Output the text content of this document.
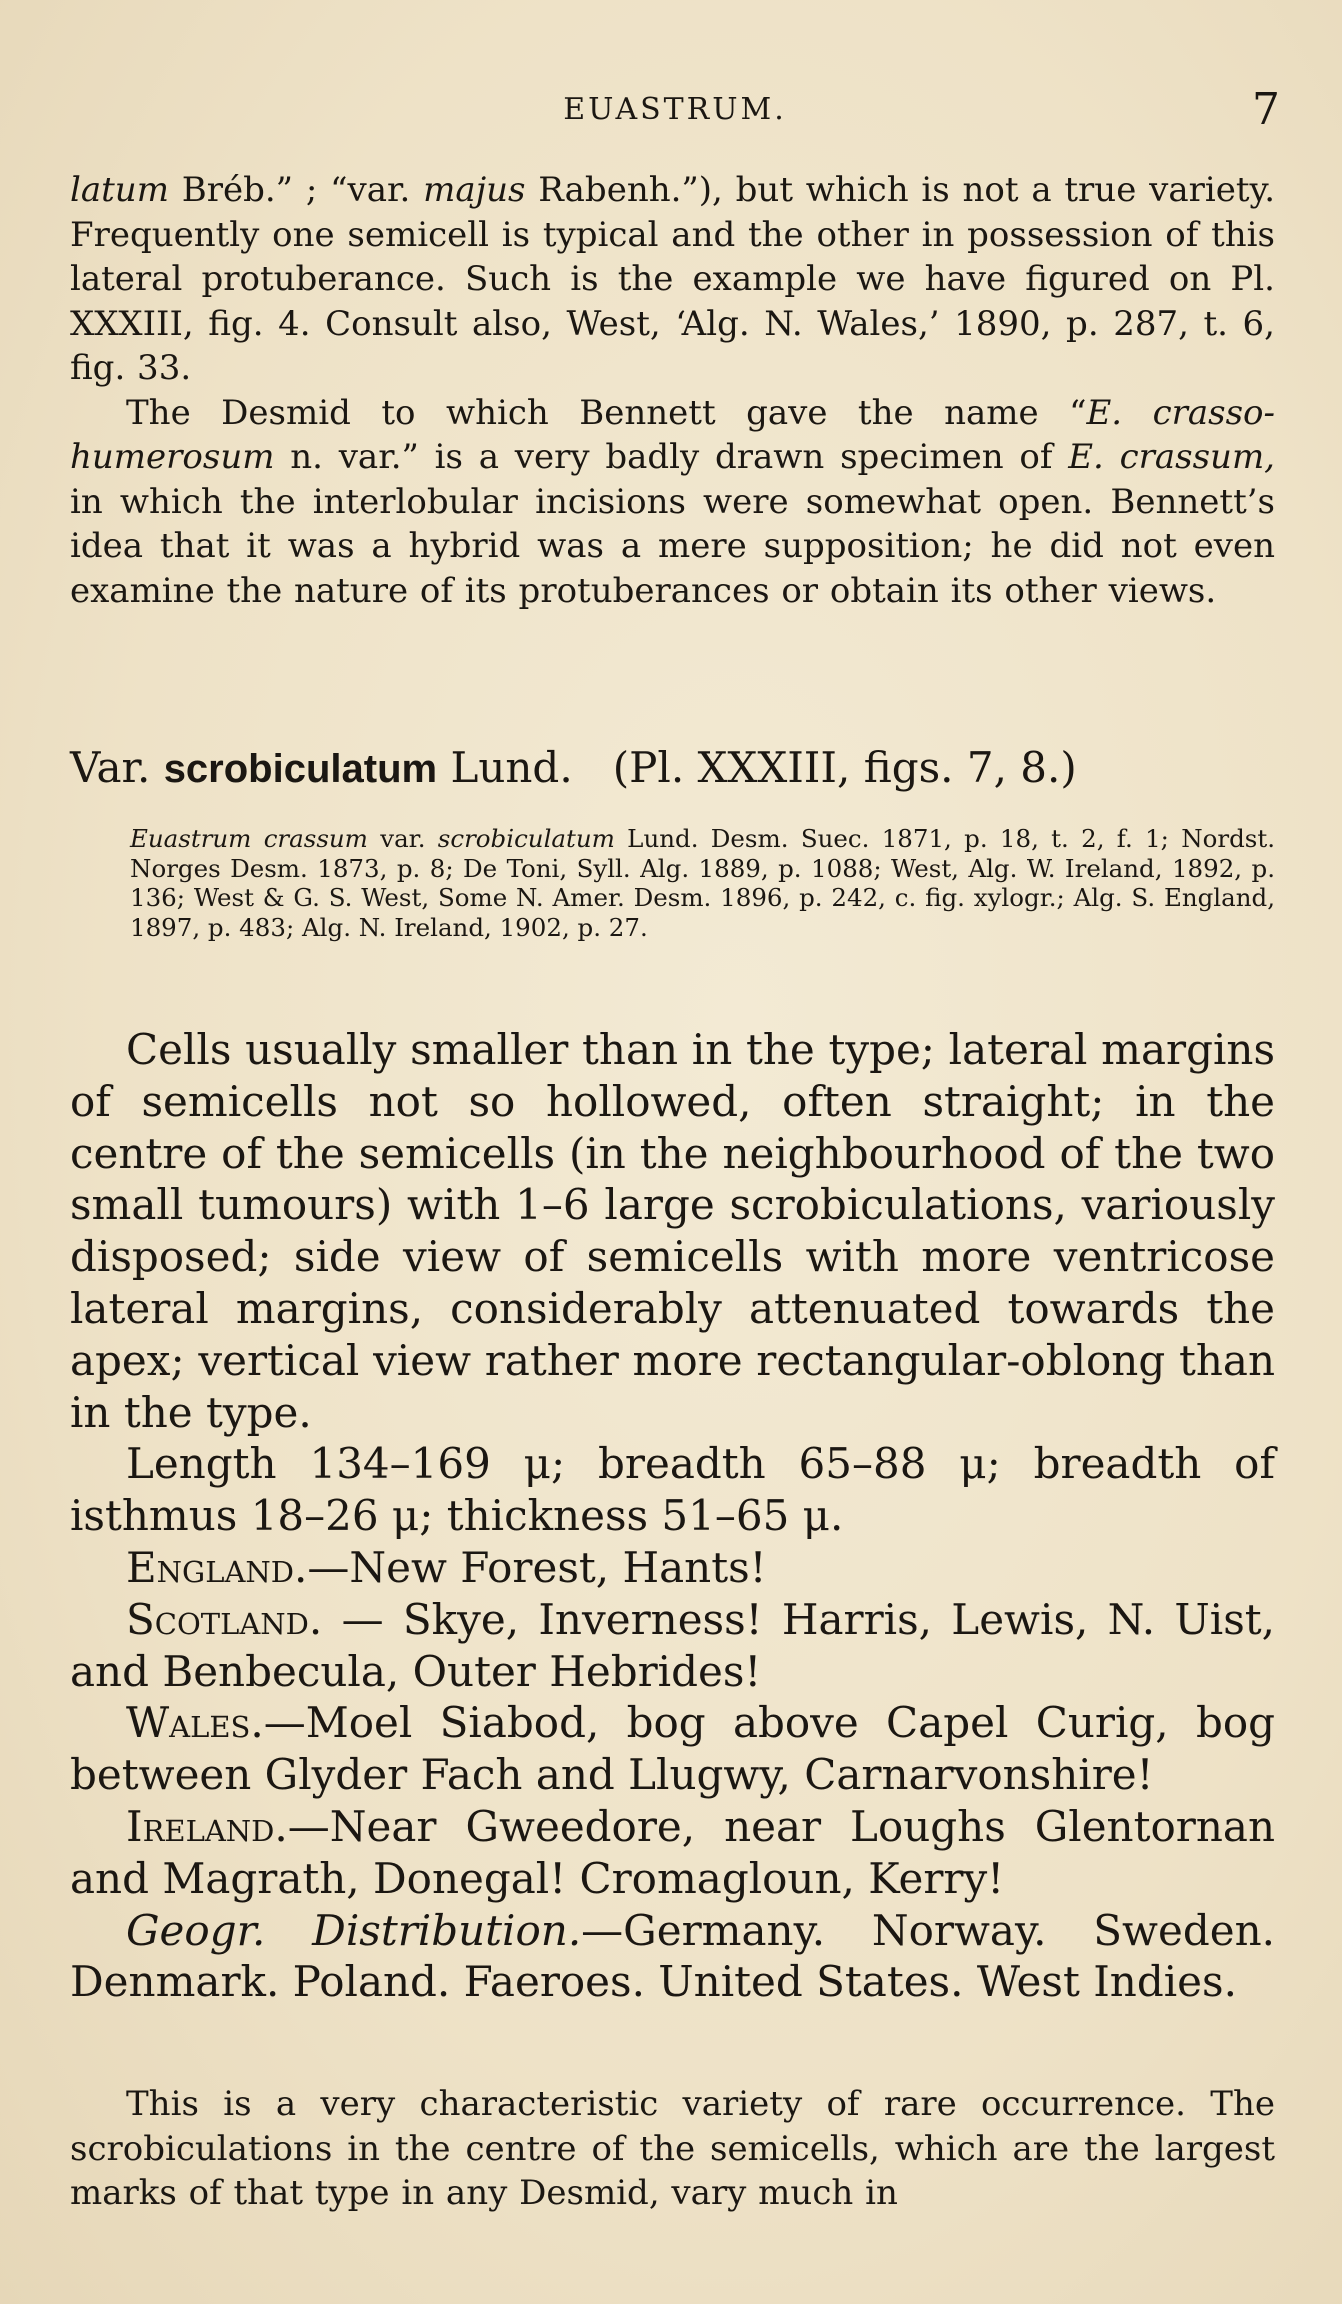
EUASTRUM.	7

latum Bréb.” ; “var. majus Rabenh.”), but which is not a true variety. Frequently one semicell is typical and the other in possession of this lateral protuberance. Such is the example we have figured on Pl. XXXIII, fig. 4. Consult also, West, ‘Alg. N. Wales,’ 1890, p. 287, t. 6, fig. 33.

The Desmid to which Bennett gave the name “E. crasso-humerosum n. var.” is a very badly drawn specimen of E. crassum, in which the interlobular incisions were somewhat open. Bennett’s idea that it was a hybrid was a mere supposition; he did not even examine the nature of its protuberances or obtain its other views.

Var. scrobiculatum Lund. (Pl. XXXIII, figs. 7, 8.)
Euastrum crassum var. scrobiculatum Lund. Desm. Suec. 1871, p. 18, t. 2, f. 1; Nordst. Norges Desm. 1873, p. 8; De Toni, Syll. Alg. 1889, p. 1088; West, Alg. W. Ireland, 1892, p. 136; West & G. S. West, Some N. Amer. Desm. 1896, p. 242, c. fig. xylogr.; Alg. S. England, 1897, p. 483; Alg. N. Ireland, 1902, p. 27.

Cells usually smaller than in the type; lateral margins of semicells not so hollowed, often straight; in the centre of the semicells (in the neighbourhood of the two small tumours) with 1–6 large scrobiculations, variously disposed; side view of semicells with more ventricose lateral margins, considerably attenuated towards the apex; vertical view rather more rectangular-oblong than in the type.

Length 134–169 μ; breadth 65–88 μ; breadth of isthmus 18–26 μ; thickness 51–65 μ.

England.—New Forest, Hants!

Scotland. — Skye, Inverness! Harris, Lewis, N. Uist, and Benbecula, Outer Hebrides!

Wales.—Moel Siabod, bog above Capel Curig, bog between Glyder Fach and Llugwy, Carnarvonshire!

Ireland.—Near Gweedore, near Loughs Glentornan and Magrath, Donegal! Cromagloun, Kerry!

Geogr. Distribution.—Germany. Norway. Sweden. Denmark. Poland. Faeroes. United States. West Indies.

This is a very characteristic variety of rare occurrence. The scrobiculations in the centre of the semicells, which are the largest marks of that type in any Desmid, vary much in
